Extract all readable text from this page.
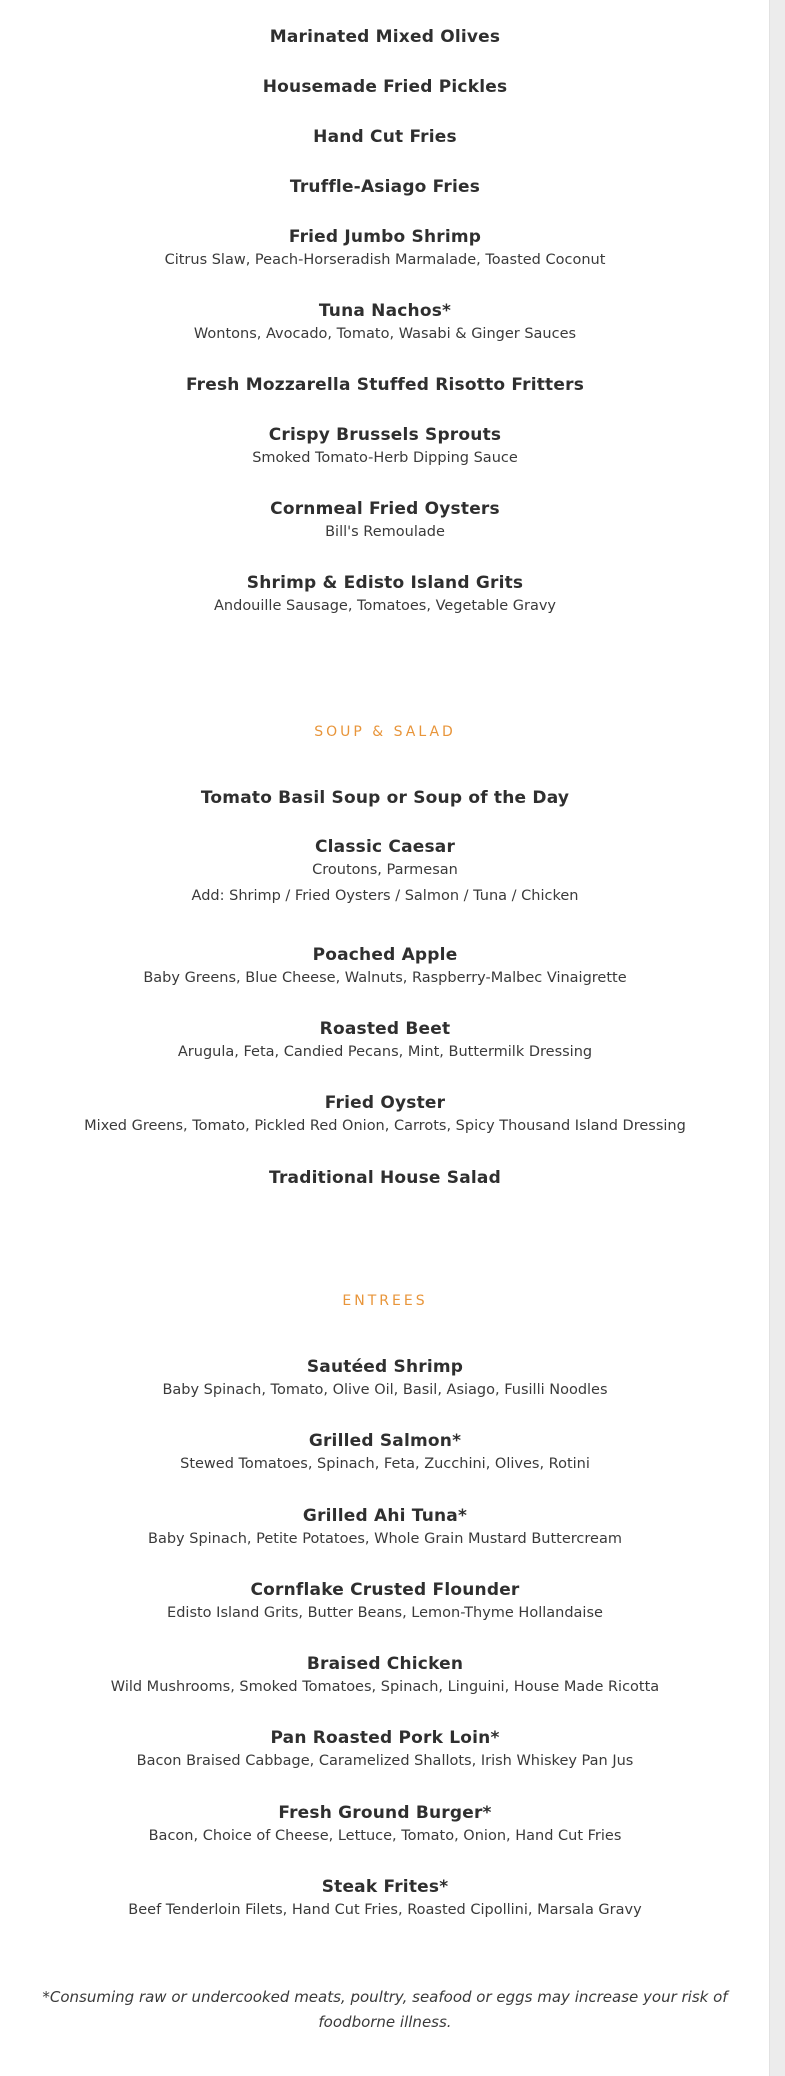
Marinated Mixed Olives
Housemade Fried Pickles
Hand Cut Fries
Truffle-Asiago Fries
Fried Jumbo Shrimp
Citrus Slaw, Peach-Horseradish Marmalade, Toasted Coconut
Tuna Nachos*
Wontons, Avocado, Tomato, Wasabi & Ginger Sauces
Fresh Mozzarella Stuffed Risotto Fritters
Crispy Brussels Sprouts
Smoked Tomato-Herb Dipping Sauce
Cornmeal Fried Oysters
Bill's Remoulade
Shrimp & Edisto Island Grits
Andouille Sausage, Tomatoes, Vegetable Gravy
SOUP & SALAD
Tomato Basil Soup or Soup of the Day
Classic Caesar
Croutons, Parmesan
Add: Shrimp / Fried Oysters / Salmon / Tuna / Chicken
Poached Apple
Baby Greens, Blue Cheese, Walnuts, Raspberry-Malbec Vinaigrette
Roasted Beet
Arugula, Feta, Candied Pecans, Mint, Buttermilk Dressing
Fried Oyster
Mixed Greens, Tomato, Pickled Red Onion, Carrots, Spicy Thousand Island Dressing
Traditional House Salad
ENTREES
Sautéed Shrimp
Baby Spinach, Tomato, Olive Oil, Basil, Asiago, Fusilli Noodles
Grilled Salmon*
Stewed Tomatoes, Spinach, Feta, Zucchini, Olives, Rotini
Grilled Ahi Tuna*
Baby Spinach, Petite Potatoes, Whole Grain Mustard Buttercream
Cornflake Crusted Flounder
Edisto Island Grits, Butter Beans, Lemon-Thyme Hollandaise
Braised Chicken
Wild Mushrooms, Smoked Tomatoes, Spinach, Linguini, House Made Ricotta
Pan Roasted Pork Loin*
Bacon Braised Cabbage, Caramelized Shallots, Irish Whiskey Pan Jus
Fresh Ground Burger*
Bacon, Choice of Cheese, Lettuce, Tomato, Onion, Hand Cut Fries
Steak Frites*
Beef Tenderloin Filets, Hand Cut Fries, Roasted Cipollini, Marsala Gravy
*Consuming raw or undercooked meats, poultry, seafood or eggs may increase your risk of foodborne illness.
